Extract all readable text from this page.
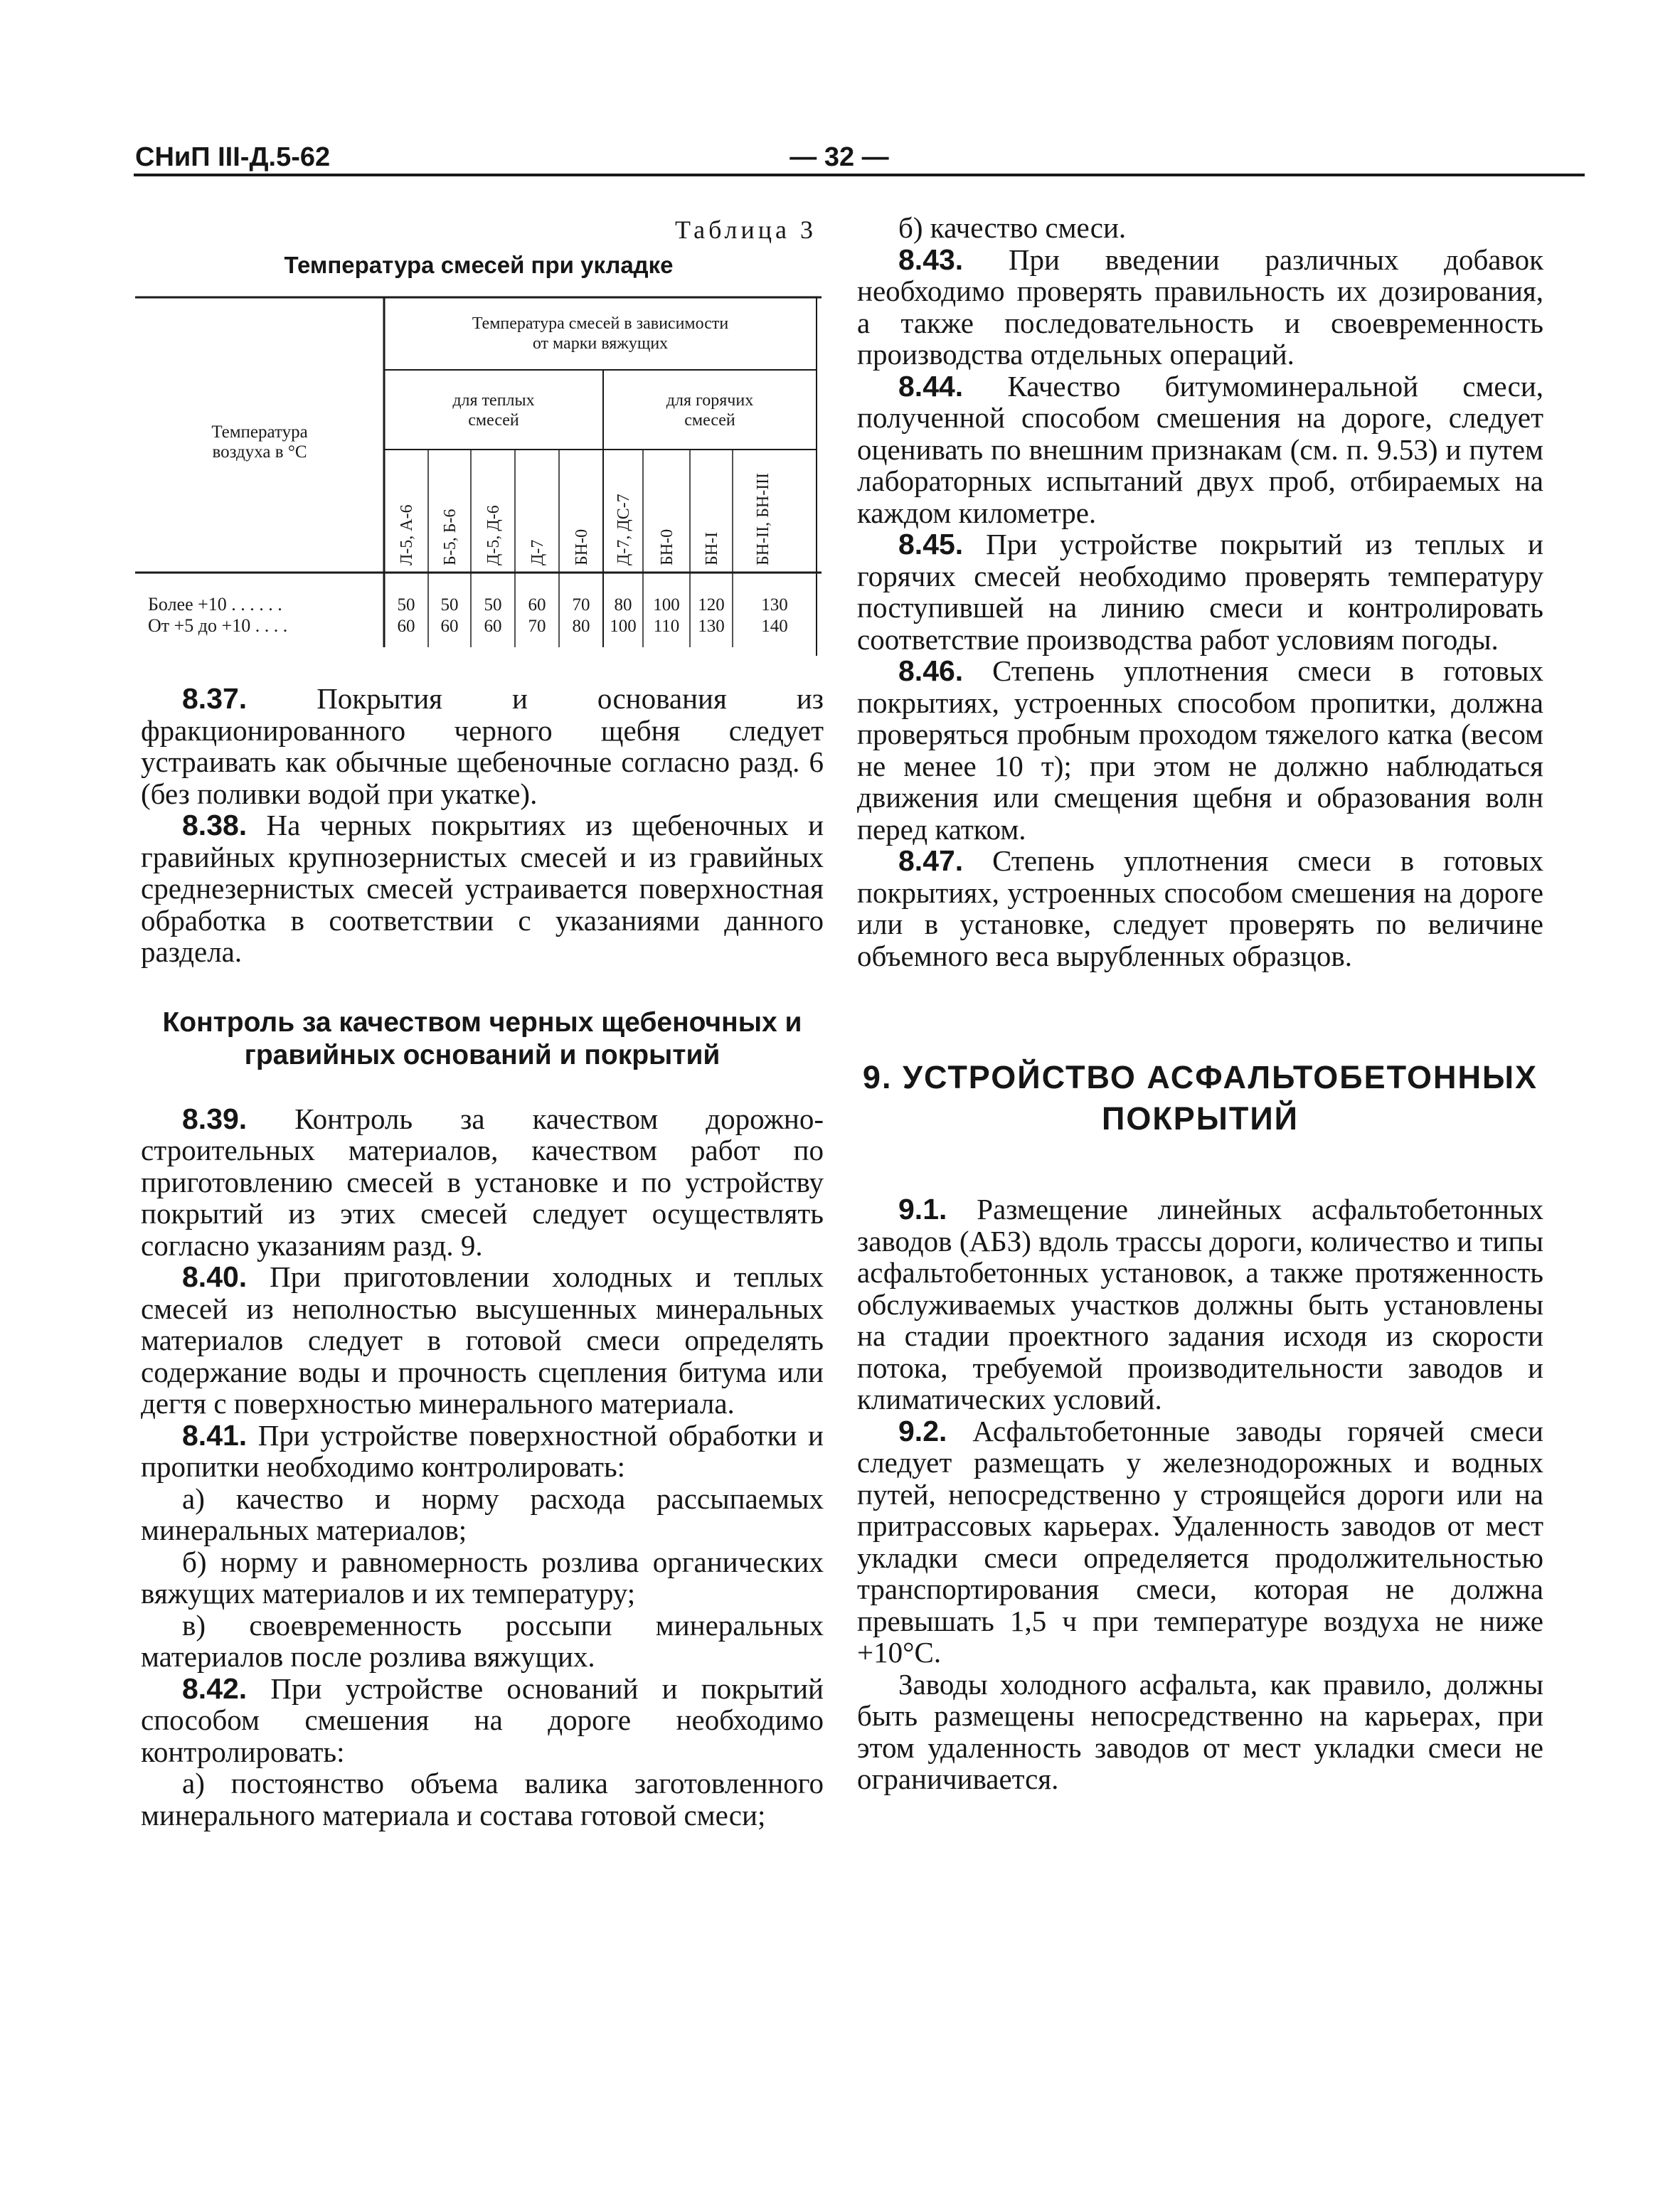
СНиП III-Д.5-62	— 32 —
Таблица 3
Температура смесей при укладке
Температура
воздуха в °С
Температура смесей в зависимости
от марки вяжущих
для теплых
смесей
для горячих
смесей
Л-5, А-6 Б-5, Б-6 Д-5, Д-6 Д-7 БН-0 Д-7, ДС-7 БН-0 БН-I БН-II, БН-III
Более +10 . . . . . .
От +5 до +10 . . . .
50 50 50 60 70 80 100 120 130
60 60 60 70 80 100 110 130 140

8.37. Покрытия и основания из фракционированного черного щебня следует устраивать как обычные щебеночные согласно разд. 6 (без поливки водой при укатке).

8.38. На черных покрытиях из щебеночных и гравийных крупнозернистых смесей и из гравийных среднезернистых смесей устраивается поверхностная обработка в соответствии с указаниями данного раздела.

Контроль за качеством черных щебеночных и гравийных оснований и покрытий

8.39. Контроль за качеством дорожно-строительных материалов, качеством работ по приготовлению смесей в установке и по устройству покрытий из этих смесей следует осуществлять согласно указаниям разд. 9.

8.40. При приготовлении холодных и теплых смесей из неполностью высушенных минеральных материалов следует в готовой смеси определять содержание воды и прочность сцепления битума или дегтя с поверхностью минерального материала.

8.41. При устройстве поверхностной обработки и пропитки необходимо контролировать:

а) качество и норму расхода рассыпаемых минеральных материалов;

б) норму и равномерность розлива органических вяжущих материалов и их температуру;

в) своевременность россыпи минеральных материалов после розлива вяжущих.

8.42. При устройстве оснований и покрытий способом смешения на дороге необходимо контролировать:

а) постоянство объема валика заготовленного минерального материала и состава готовой смеси;

б) качество смеси.

8.43. При введении различных добавок необходимо проверять правильность их дозирования, а также последовательность и своевременность производства отдельных операций.

8.44. Качество битумоминеральной смеси, полученной способом смешения на дороге, следует оценивать по внешним признакам (см. п. 9.53) и путем лабораторных испытаний двух проб, отбираемых на каждом километре.

8.45. При устройстве покрытий из теплых и горячих смесей необходимо проверять температуру поступившей на линию смеси и контролировать соответствие производства работ условиям погоды.

8.46. Степень уплотнения смеси в готовых покрытиях, устроенных способом пропитки, должна проверяться пробным проходом тяжелого катка (весом не менее 10 т); при этом не должно наблюдаться движения или смещения щебня и образования волн перед катком.

8.47. Степень уплотнения смеси в готовых покрытиях, устроенных способом смешения на дороге или в установке, следует проверять по величине объемного веса вырубленных образцов.

9. УСТРОЙСТВО АСФАЛЬТОБЕТОННЫХ ПОКРЫТИЙ

9.1. Размещение линейных асфальтобетонных заводов (АБЗ) вдоль трассы дороги, количество и типы асфальтобетонных установок, а также протяженность обслуживаемых участков должны быть установлены на стадии проектного задания исходя из скорости потока, требуемой производительности заводов и климатических условий.

9.2. Асфальтобетонные заводы горячей смеси следует размещать у железнодорожных и водных путей, непосредственно у строящейся дороги или на притрассовых карьерах. Удаленность заводов от мест укладки смеси определяется продолжительностью транспортирования смеси, которая не должна превышать 1,5 ч при температуре воздуха не ниже +10°С.

Заводы холодного асфальта, как правило, должны быть размещены непосредственно на карьерах, при этом удаленность заводов от мест укладки смеси не ограничивается.
